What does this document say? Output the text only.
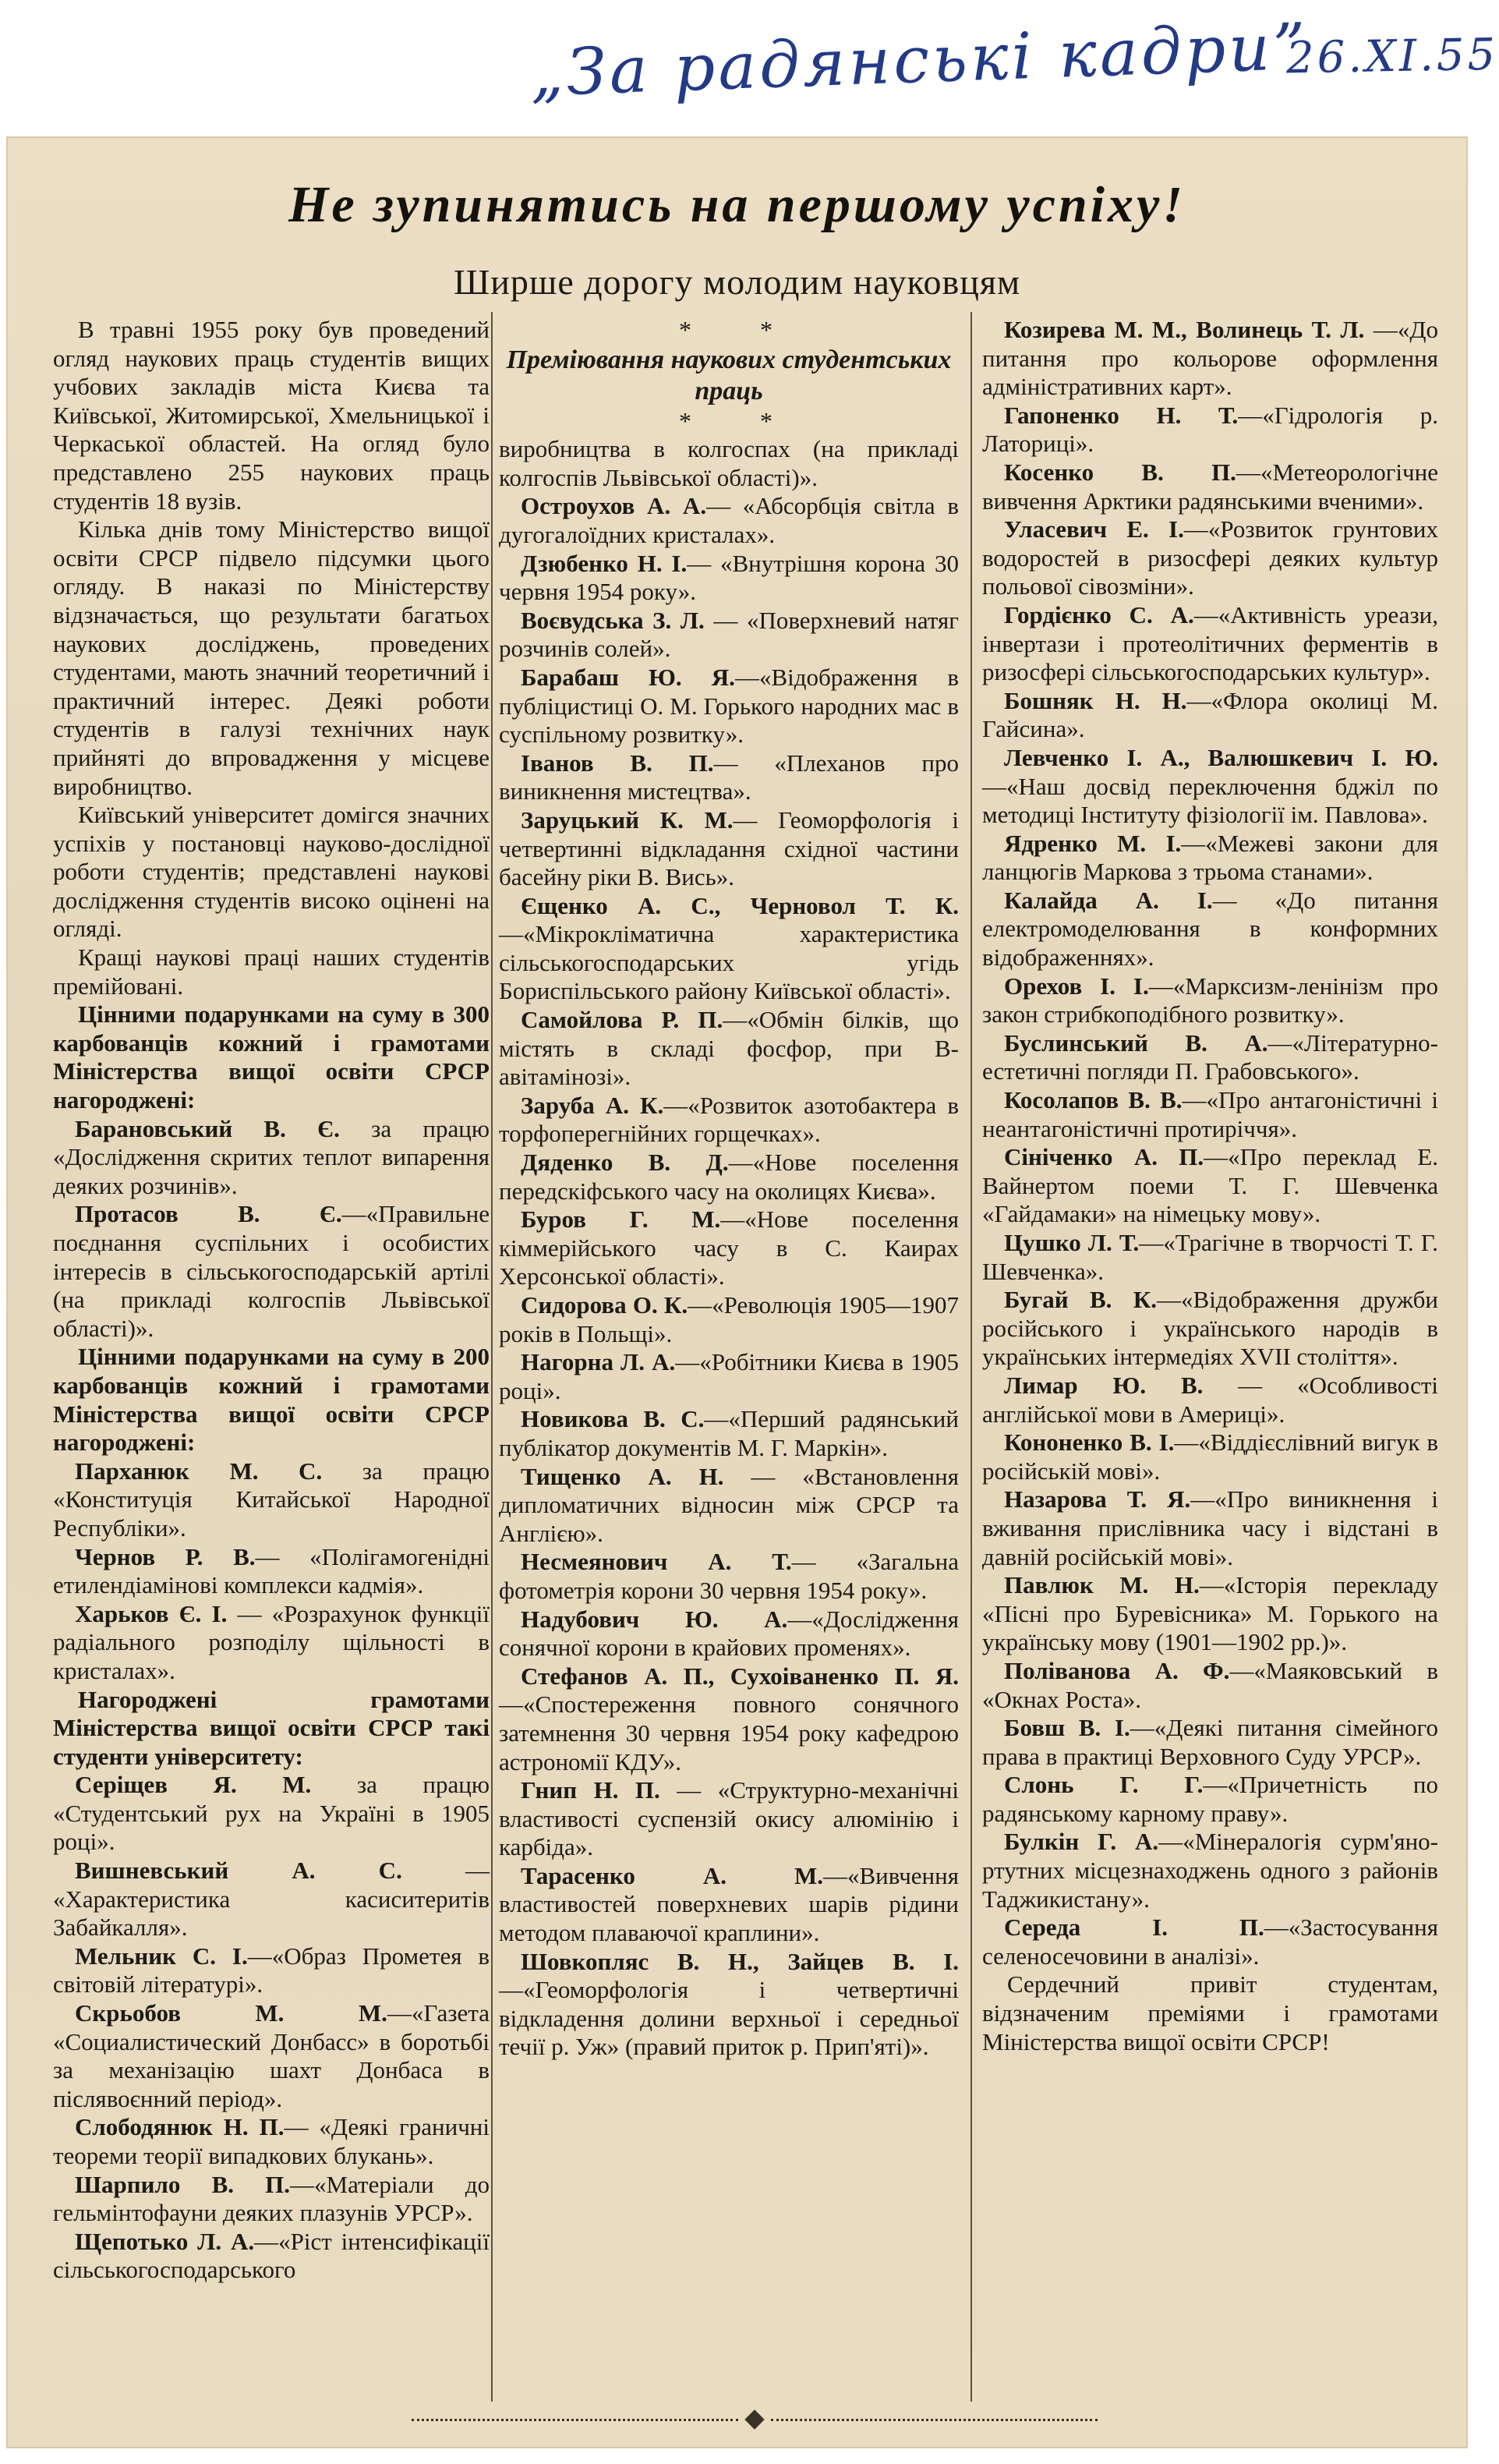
„За радянські кадри”
26.XI.55
Не зупинятись на першому успіху!
Ширше дорогу молодим науковцям

В травні 1955 року був проведений огляд наукових праць студентів вищих учбових закладів міста Києва та Київської, Житомирської, Хмельницької і Черкаської областей. На огляд було представлено 255 наукових праць студентів 18 вузів.

Кілька днів тому Міністерство вищої освіти СРСР підвело підсумки цього огляду. В наказі по Міністерству відзначається, що результати багатьох наукових досліджень, проведених студентами, мають значний теоретичний і практичний інтерес. Деякі роботи студентів в галузі технічних наук прийняті до впровадження у місцеве виробництво.

Київський університет домігся значних успіхів у постановці науково-дослідної роботи студентів; представлені наукові дослідження студентів високо оцінені на огляді.

Кращі наукові праці наших студентів премійовані.

Цінними подарунками на суму в 300 карбованців кожний і грамотами Міністерства вищої освіти СРСР нагороджені:

Барановський В. Є. за працю «Дослідження скритих теплот випарення деяких розчинів».

Протасов В. Є.—«Правильне поєднання суспільних і особистих інтересів в сільськогосподарській артілі (на прикладі колгоспів Львівської області)».

Цінними подарунками на суму в 200 карбованців кожний і грамотами Міністерства вищої освіти СРСР нагороджені:

Парханюк М. С. за працю «Конституція Китайської Народної Республіки».

Чернов Р. В.— «Полігамогенідні етилендіамінові комплекси кадмія».

Харьков Є. І. — «Розрахунок функції радіального розподілу щільності в кристалах».

Нагороджені грамотами Міністерства вищої освіти СРСР такі студенти університету:

Серіщев Я. М. за працю «Студентський рух на Україні в 1905 році».

Вишневський А. С. — «Характеристика касиситеритів Забайкалля».

Мельник С. І.—«Образ Прометея в світовій літературі».

Скрьобов М. М.—«Газета «Социалистический Донбасс» в боротьбі за механізацію шахт Донбаса в післявоєнний період».

Слободянюк Н. П.— «Деякі граничні теореми теорії випадкових блукань».

Шарпило В. П.—«Матеріали до гельмінтофауни деяких плазунів УРСР».

Щепотько Л. А.—«Ріст інтенсифікації сільськогосподарського

* *

Преміювання наукових студентських праць

* *

виробництва в колгоспах (на прикладі колгоспів Львівської області)».

Остроухов А. А.— «Абсорбція світла в дугогалоїдних кристалах».

Дзюбенко Н. І.— «Внутрішня корона 30 червня 1954 року».

Воєвудська З. Л. — «Поверхневий натяг розчинів солей».

Барабаш Ю. Я.—«Відображення в публіцистиці О. М. Горького народних мас в суспільному розвитку».

Іванов В. П.— «Плеханов про виникнення мистецтва».

Заруцький К. М.— Геоморфологія і четвертинні відкладання східної частини басейну ріки В. Вись».

Єщенко А. С., Черновол Т. К.—«Мікрокліматична характеристика сільськогосподарських угідь Бориспільського району Київської області».

Самойлова Р. П.—«Обмін білків, що містять в складі фосфор, при В-авітамінозі».

Заруба А. К.—«Розвиток азотобактера в торфоперегнійних горщечках».

Дяденко В. Д.—«Нове поселення передскіфського часу на околицях Києва».

Буров Г. М.—«Нове поселення кіммерійського часу в С. Каирах Херсонської області».

Сидорова О. К.—«Революція 1905—1907 років в Польщі».

Нагорна Л. А.—«Робітники Києва в 1905 році».

Новикова В. С.—«Перший радянський публікатор документів М. Г. Маркін».

Тищенко А. Н. — «Встановлення дипломатичних відносин між СРСР та Англією».

Несмеянович А. Т.— «Загальна фотометрія корони 30 червня 1954 року».

Надубович Ю. А.—«Дослідження сонячної корони в крайових променях».

Стефанов А. П., Сухоіваненко П. Я.—«Спостереження повного сонячного затемнення 30 червня 1954 року кафедрою астрономії КДУ».

Гнип Н. П. — «Структурно-механічні властивості суспензій окису алюмінію і карбіда».

Тарасенко А. М.—«Вивчення властивостей поверхневих шарів рідини методом плаваючої краплини».

Шовкопляс В. Н., Зайцев В. І.—«Геоморфологія і четвертичні відкладення долини верхньої і середньої течії р. Уж» (правий приток р. Прип'яті)».

Козирева М. М., Волинець Т. Л. —«До питання про кольорове оформлення адміністративних карт».

Гапоненко Н. Т.—«Гідрологія р. Латориці».

Косенко В. П.—«Метеорологічне вивчення Арктики радянськими вченими».

Уласевич Е. І.—«Розвиток грунтових водоростей в ризосфері деяких культур польової сівозміни».

Гордієнко С. А.—«Активність уреази, інвертази і протеолітичних ферментів в ризосфері сільськогосподарських культур».

Бошняк Н. Н.—«Флора околиці М. Гайсина».

Левченко І. А., Валюшкевич І. Ю.—«Наш досвід переключення бджіл по методиці Інституту фізіології ім. Павлова».

Ядренко М. І.—«Межеві закони для ланцюгів Маркова з трьома станами».

Калайда А. І.— «До питання електромоделювання в конформних відображеннях».

Орехов І. І.—«Марксизм-ленінізм про закон стрибкоподібного розвитку».

Буслинський В. А.—«Літературно-естетичні погляди П. Грабовського».

Косолапов В. В.—«Про антагоністичні і неантагоністичні протиріччя».

Сініченко А. П.—«Про переклад Е. Вайнертом поеми Т. Г. Шевченка «Гайдамаки» на німецьку мову».

Цушко Л. Т.—«Трагічне в творчості Т. Г. Шевченка».

Бугай В. К.—«Відображення дружби російського і українського народів в українських інтермедіях XVII століття».

Лимар Ю. В. — «Особливості англійської мови в Америці».

Кононенко В. І.—«Віддієслівний вигук в російській мові».

Назарова Т. Я.—«Про виникнення і вживання прислівника часу і відстані в давній російській мові».

Павлюк М. Н.—«Історія перекладу «Пісні про Буревісника» М. Горького на українську мову (1901—1902 рр.)».

Поліванова А. Ф.—«Маяковський в «Окнах Роста».

Бовш В. І.—«Деякі питання сімейного права в практиці Верховного Суду УРСР».

Слонь Г. Г.—«Причетність по радянському карному праву».

Булкін Г. А.—«Мінералогія сурм'яно-ртутних місцезнаходжень одного з районів Таджикистану».

Середа І. П.—«Застосування селеносечовини в аналізі».

Сердечний привіт студентам, відзначеним преміями і грамотами Міністерства вищої освіти СРСР!
